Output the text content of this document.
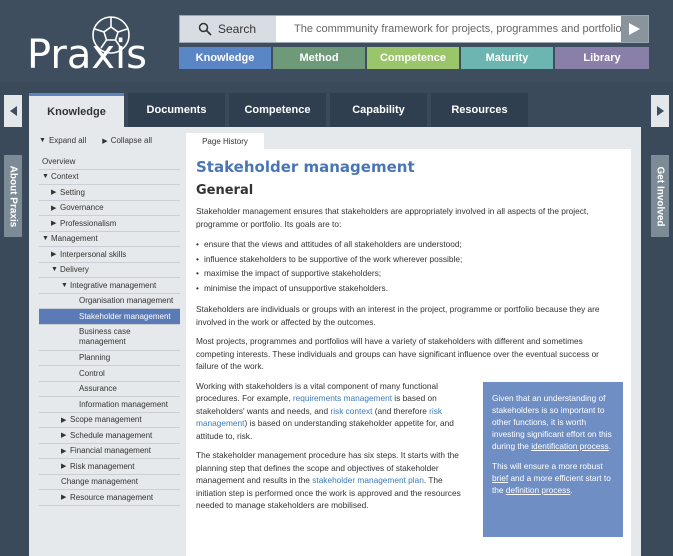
Praxis
Search
The commmunity framework for projects, programmes and portfolios
Knowledge	Method	Competence	Maturity	Library
About Praxis	Get Involved
Knowledge	Documents	Competence	Capability	Resources
▼ Expand all ▶ Collapse all
Overview
▼ Context
▶ Setting
▶ Governance
▶ Professionalism
▼ Management
▶ Interpersonal skills
▼ Delivery
▼ Integrative management
Organisation management
Stakeholder management
Business case management
Planning
Control
Assurance
Information management
▶ Scope management
▶ Schedule management
▶ Financial management
▶ Risk management
Change management
▶ Resource management
Page History
Stakeholder management
General

Stakeholder management ensures that stakeholders are appropriately involved in all aspects of the project, programme or portfolio. Its goals are to:

• ensure that the views and attitudes of all stakeholders are understood;
• influence stakeholders to be supportive of the work wherever possible;
• maximise the impact of supportive stakeholders;
• minimise the impact of unsupportive stakeholders.

Stakeholders are individuals or groups with an interest in the project, programme or portfolio because they are involved in the work or affected by the outcomes.

Most projects, programmes and portfolios will have a variety of stakeholders with different and sometimes competing interests. These individuals and groups can have significant influence over the eventual success or failure of the work.

Working with stakeholders is a vital component of many functional procedures. For example, requirements management is based on stakeholders' wants and needs, and risk context (and therefore risk management) is based on understanding stakeholder appetite for, and attitude to, risk.

The stakeholder management procedure has six steps. It starts with the planning step that defines the scope and objectives of stakeholder management and results in the stakeholder management plan. The initiation step is performed once the work is approved and the resources needed to manage stakeholders are mobilised.

Given that an understanding of stakeholders is so important to other functions, it is worth investing significant effort on this during the identification process.

This will ensure a more robust brief and a more efficient start to the definition process.
